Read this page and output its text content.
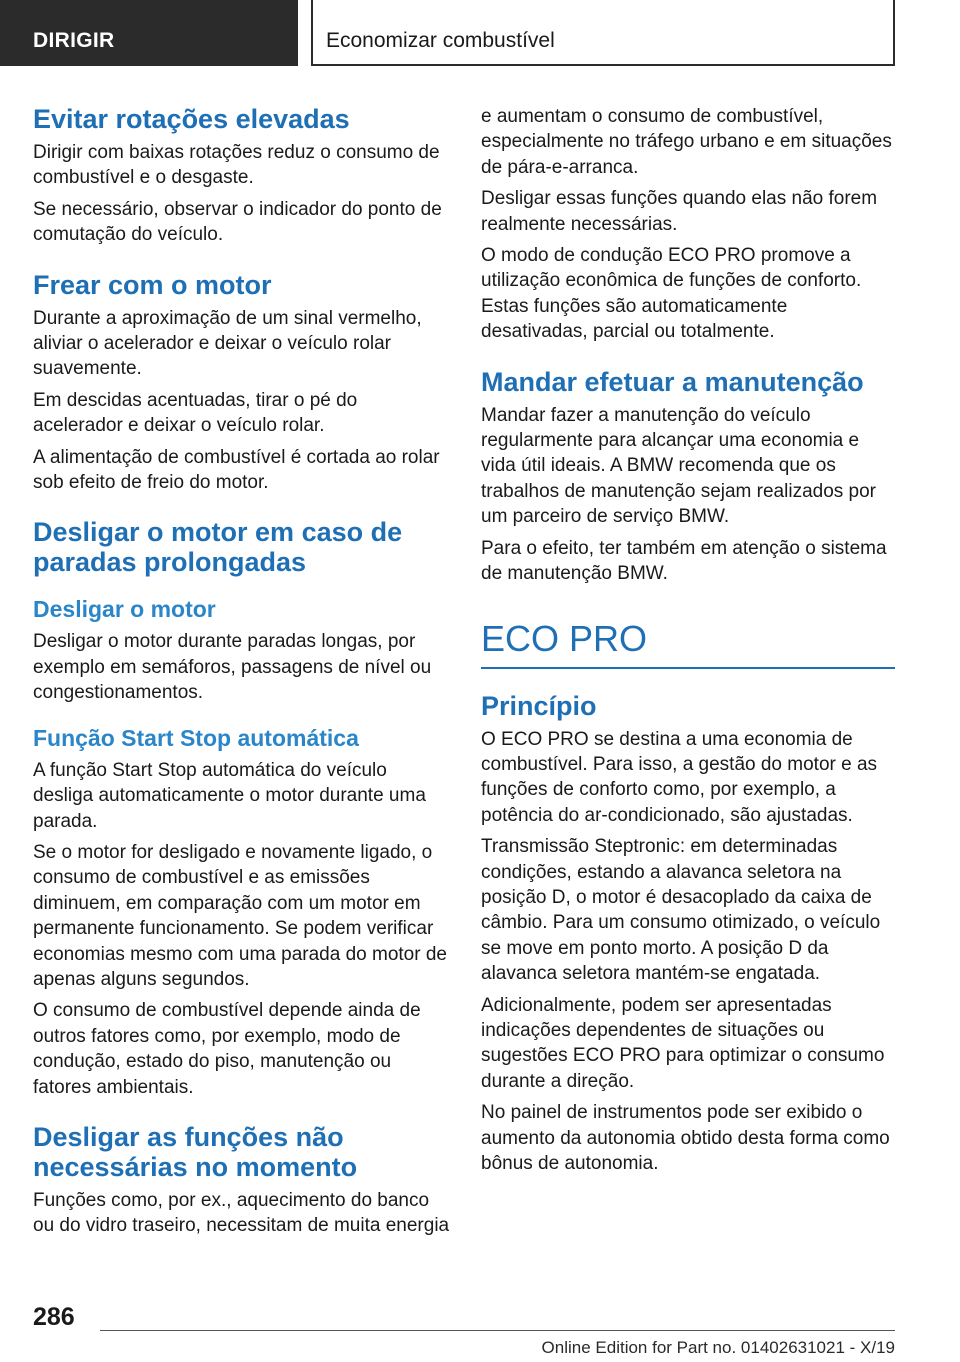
DIRIGIR	Economizar combustível
Evitar rotações elevadas

Dirigir com baixas rotações reduz o consumo de combustível e o desgaste.

Se necessário, observar o indicador do ponto de comutação do veículo.

Frear com o motor

Durante a aproximação de um sinal vermelho, aliviar o acelerador e deixar o veículo rolar suavemente.

Em descidas acentuadas, tirar o pé do acelerador e deixar o veículo rolar.

A alimentação de combustível é cortada ao rolar sob efeito de freio do motor.

Desligar o motor em caso de paradas prolongadas
Desligar o motor

Desligar o motor durante paradas longas, por exemplo em semáforos, passagens de nível ou congestionamentos.

Função Start Stop automática

A função Start Stop automática do veículo desliga automaticamente o motor durante uma parada.

Se o motor for desligado e novamente ligado, o consumo de combustível e as emissões diminuem, em comparação com um motor em permanente funcionamento. Se podem verificar economias mesmo com uma parada do motor de apenas alguns segundos.

O consumo de combustível depende ainda de outros fatores como, por exemplo, modo de condução, estado do piso, manutenção ou fatores ambientais.

Desligar as funções não necessárias no momento

Funções como, por ex., aquecimento do banco ou do vidro traseiro, necessitam de muita energia

e aumentam o consumo de combustível, especialmente no tráfego urbano e em situações de pára-e-arranca.

Desligar essas funções quando elas não forem realmente necessárias.

O modo de condução ECO PRO promove a utilização econômica de funções de conforto. Estas funções são automaticamente desativadas, parcial ou totalmente.

Mandar efetuar a manutenção

Mandar fazer a manutenção do veículo regularmente para alcançar uma economia e vida útil ideais. A BMW recomenda que os trabalhos de manutenção sejam realizados por um parceiro de serviço BMW.

Para o efeito, ter também em atenção o sistema de manutenção BMW.

ECO PRO
Princípio

O ECO PRO se destina a uma economia de combustível. Para isso, a gestão do motor e as funções de conforto como, por exemplo, a potência do ar-condicionado, são ajustadas.

Transmissão Steptronic: em determinadas condições, estando a alavanca seletora na posição D, o motor é desacoplado da caixa de câmbio. Para um consumo otimizado, o veículo se move em ponto morto. A posição D da alavanca seletora mantém-se engatada.

Adicionalmente, podem ser apresentadas indicações dependentes de situações ou sugestões ECO PRO para optimizar o consumo durante a direção.

No painel de instrumentos pode ser exibido o aumento da autonomia obtido desta forma como bônus de autonomia.

286
Online Edition for Part no. 01402631021 - X/19
